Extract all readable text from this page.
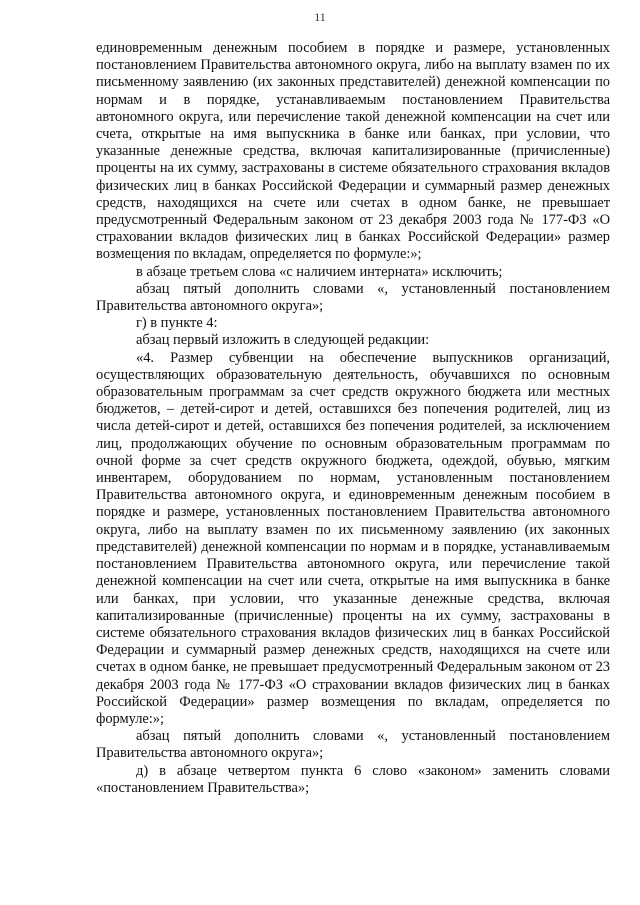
11

единовременным денежным пособием в порядке и размере, установленных постановлением Правительства автономного округа, либо на выплату взамен по их письменному заявлению (их законных представителей) денежной компенсации по нормам и в порядке, устанавливаемым постановлением Правительства автономного округа, или перечисление такой денежной компенсации на счет или счета, открытые на имя выпускника в банке или банках, при условии, что указанные денежные средства, включая капитализированные (причисленные) проценты на их сумму, застрахованы в системе обязательного страхования вкладов физических лиц в банках Российской Федерации и суммарный размер денежных средств, находящихся на счете или счетах в одном банке, не превышает предусмотренный Федеральным законом от 23 декабря 2003 года № 177-ФЗ «О страховании вкладов физических лиц в банках Российской Федерации» размер возмещения по вкладам, определяется по формуле:»;

в абзаце третьем слова «с наличием интерната» исключить;

абзац пятый дополнить словами «, установленный постановлением Правительства автономного округа»;

г) в пункте 4:

абзац первый изложить в следующей редакции:

«4. Размер субвенции на обеспечение выпускников организаций, осуществляющих образовательную деятельность, обучавшихся по основным образовательным программам за счет средств окружного бюджета или местных бюджетов, – детей-сирот и детей, оставшихся без попечения родителей, лиц из числа детей-сирот и детей, оставшихся без попечения родителей, за исключением лиц, продолжающих обучение по основным образовательным программам по очной форме за счет средств окружного бюджета, одеждой, обувью, мягким инвентарем, оборудованием по нормам, установленным постановлением Правительства автономного округа, и единовременным денежным пособием в порядке и размере, установленных постановлением Правительства автономного округа, либо на выплату взамен по их письменному заявлению (их законных представителей) денежной компенсации по нормам и в порядке, устанавливаемым постановлением Правительства автономного округа, или перечисление такой денежной компенсации на счет или счета, открытые на имя выпускника в банке или банках, при условии, что указанные денежные средства, включая капитализированные (причисленные) проценты на их сумму, застрахованы в системе обязательного страхования вкладов физических лиц в банках Российской Федерации и суммарный размер денежных средств, находящихся на счете или счетах в одном банке, не превышает предусмотренный Федеральным законом от 23 декабря 2003 года № 177-ФЗ «О страховании вкладов физических лиц в банках Российской Федерации» размер возмещения по вкладам, определяется по формуле:»;

абзац пятый дополнить словами «, установленный постановлением Правительства автономного округа»;

д) в абзаце четвертом пункта 6 слово «законом» заменить словами «постановлением Правительства»;
